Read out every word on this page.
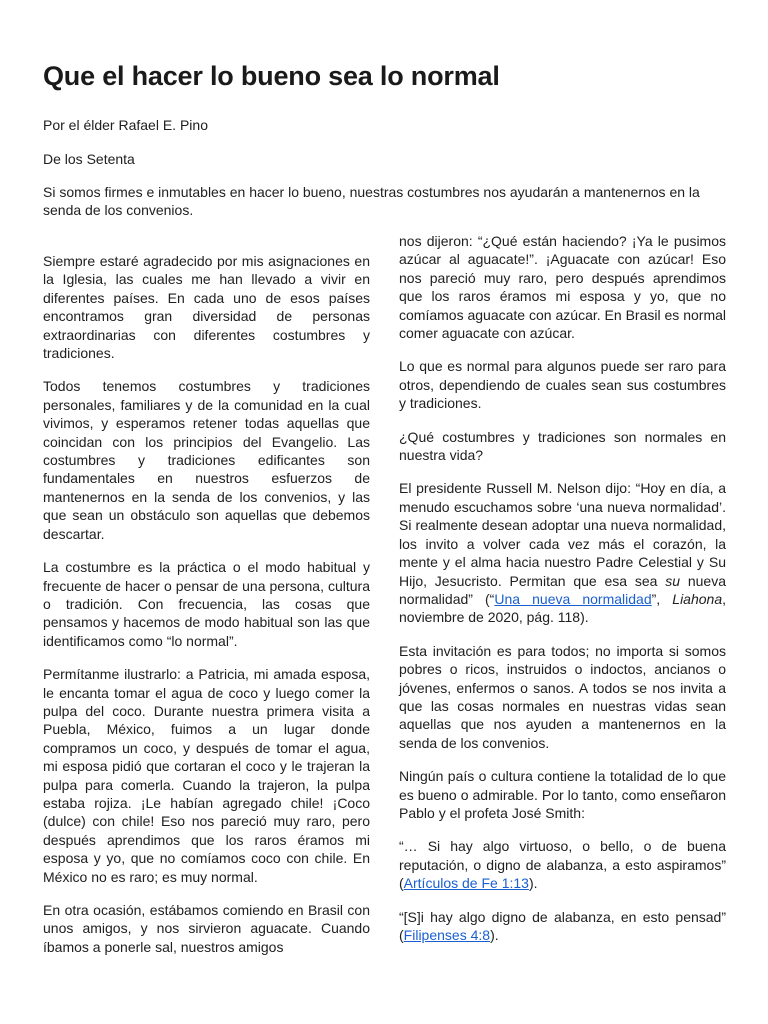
Que el hacer lo bueno sea lo normal

Por el élder Rafael E. Pino

De los Setenta

Si somos firmes e inmutables en hacer lo bueno, nuestras costumbres nos ayudarán a mantenernos en la senda de los convenios.

Siempre estaré agradecido por mis asignaciones en la Iglesia, las cuales me han llevado a vivir en diferentes países. En cada uno de esos países encontramos gran diversidad de personas extraordinarias con diferentes costumbres y tradiciones.

Todos tenemos costumbres y tradiciones personales, familiares y de la comunidad en la cual vivimos, y esperamos retener todas aquellas que coincidan con los principios del Evangelio. Las costumbres y tradiciones edificantes son fundamentales en nuestros esfuerzos de mantenernos en la senda de los convenios, y las que sean un obstáculo son aquellas que debemos descartar.

La costumbre es la práctica o el modo habitual y frecuente de hacer o pensar de una persona, cultura o tradición. Con frecuencia, las cosas que pensamos y hacemos de modo habitual son las que identificamos como “lo normal”.

Permítanme ilustrarlo: a Patricia, mi amada esposa, le encanta tomar el agua de coco y luego comer la pulpa del coco. Durante nuestra primera visita a Puebla, México, fuimos a un lugar donde compramos un coco, y después de tomar el agua, mi esposa pidió que cortaran el coco y le trajeran la pulpa para comerla. Cuando la trajeron, la pulpa estaba rojiza. ¡Le habían agregado chile! ¡Coco (dulce) con chile! Eso nos pareció muy raro, pero después aprendimos que los raros éramos mi esposa y yo, que no comíamos coco con chile. En México no es raro; es muy normal.

En otra ocasión, estábamos comiendo en Brasil con unos amigos, y nos sirvieron aguacate. Cuando íbamos a ponerle sal, nuestros amigos

nos dijeron: “¿Qué están haciendo? ¡Ya le pusimos azúcar al aguacate!”. ¡Aguacate con azúcar! Eso nos pareció muy raro, pero después aprendimos que los raros éramos mi esposa y yo, que no comíamos aguacate con azúcar. En Brasil es normal comer aguacate con azúcar.

Lo que es normal para algunos puede ser raro para otros, dependiendo de cuales sean sus costumbres y tradiciones.

¿Qué costumbres y tradiciones son normales en nuestra vida?

El presidente Russell M. Nelson dijo: “Hoy en día, a menudo escuchamos sobre ‘una nueva normalidad’. Si realmente desean adoptar una nueva normalidad, los invito a volver cada vez más el corazón, la mente y el alma hacia nuestro Padre Celestial y Su Hijo, Jesucristo. Permitan que esa sea su nueva normalidad” (“Una nueva normalidad”, Liahona, noviembre de 2020, pág. 118).

Esta invitación es para todos; no importa si somos pobres o ricos, instruidos o indoctos, ancianos o jóvenes, enfermos o sanos. A todos se nos invita a que las cosas normales en nuestras vidas sean aquellas que nos ayuden a mantenernos en la senda de los convenios.

Ningún país o cultura contiene la totalidad de lo que es bueno o admirable. Por lo tanto, como enseñaron Pablo y el profeta José Smith:

“… Si hay algo virtuoso, o bello, o de buena reputación, o digno de alabanza, a esto aspiramos” (Artículos de Fe 1:13).

“[S]i hay algo digno de alabanza, en esto pensad” (Filipenses 4:8).
